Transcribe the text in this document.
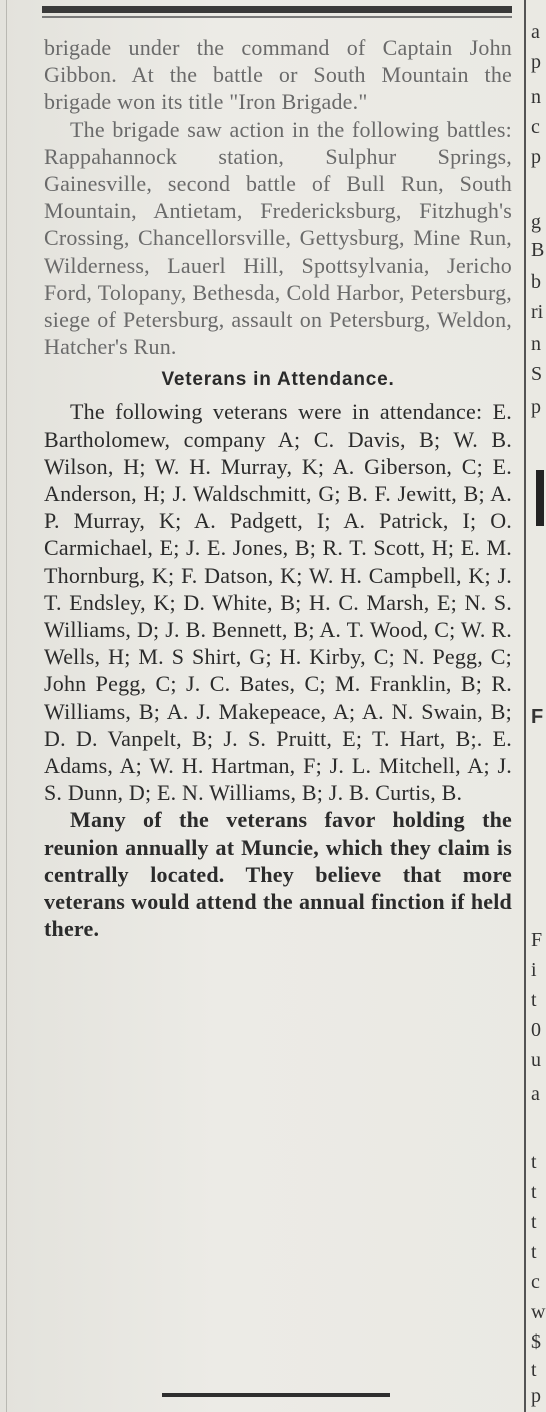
brigade under the command of Captain John Gibbon. At the battle or South Mountain the brigade won its title "Iron Brigade."

The brigade saw action in the following battles: Rappahannock station, Sulphur Springs, Gainesville, second battle of Bull Run, South Mountain, Antietam, Fredericksburg, Fitzhugh's Crossing, Chancellorsville, Gettysburg, Mine Run, Wilderness, Lauerl Hill, Spottsylvania, Jericho Ford, Tolopany, Bethesda, Cold Harbor, Petersburg, siege of Petersburg, assault on Petersburg, Weldon, Hatcher's Run.

Veterans in Attendance.

The following veterans were in attendance: E. Bartholomew, company A; C. Davis, B; W. B. Wilson, H; W. H. Murray, K; A. Giberson, C; E. Anderson, H; J. Waldschmitt, G; B. F. Jewitt, B; A. P. Murray, K; A. Padgett, I; A. Patrick, I; O. Carmichael, E; J. E. Jones, B; R. T. Scott, H; E. M. Thornburg, K; F. Datson, K; W. H. Campbell, K; J. T. Endsley, K; D. White, B; H. C. Marsh, E; N. S. Williams, D; J. B. Bennett, B; A. T. Wood, C; W. R. Wells, H; M. S Shirt, G; H. Kirby, C; N. Pegg, C; John Pegg, C; J. C. Bates, C; M. Franklin, B; R. Williams, B; A. J. Makepeace, A; A. N. Swain, B; D. D. Vanpelt, B; J. S. Pruitt, E; T. Hart, B;. E. Adams, A; W. H. Hartman, F; J. L. Mitchell, A; J. S. Dunn, D; E. N. Williams, B; J. B. Curtis, B.

Many of the veterans favor holding the reunion annually at Muncie, which they claim is centrally located. They believe that more veterans would attend the annual finction if held there.

a
p
n
c
p
g
B
b
ri
n
S
p
F
F
i
t
0
u
a
t
t
t
t
c
w
$
t
p
